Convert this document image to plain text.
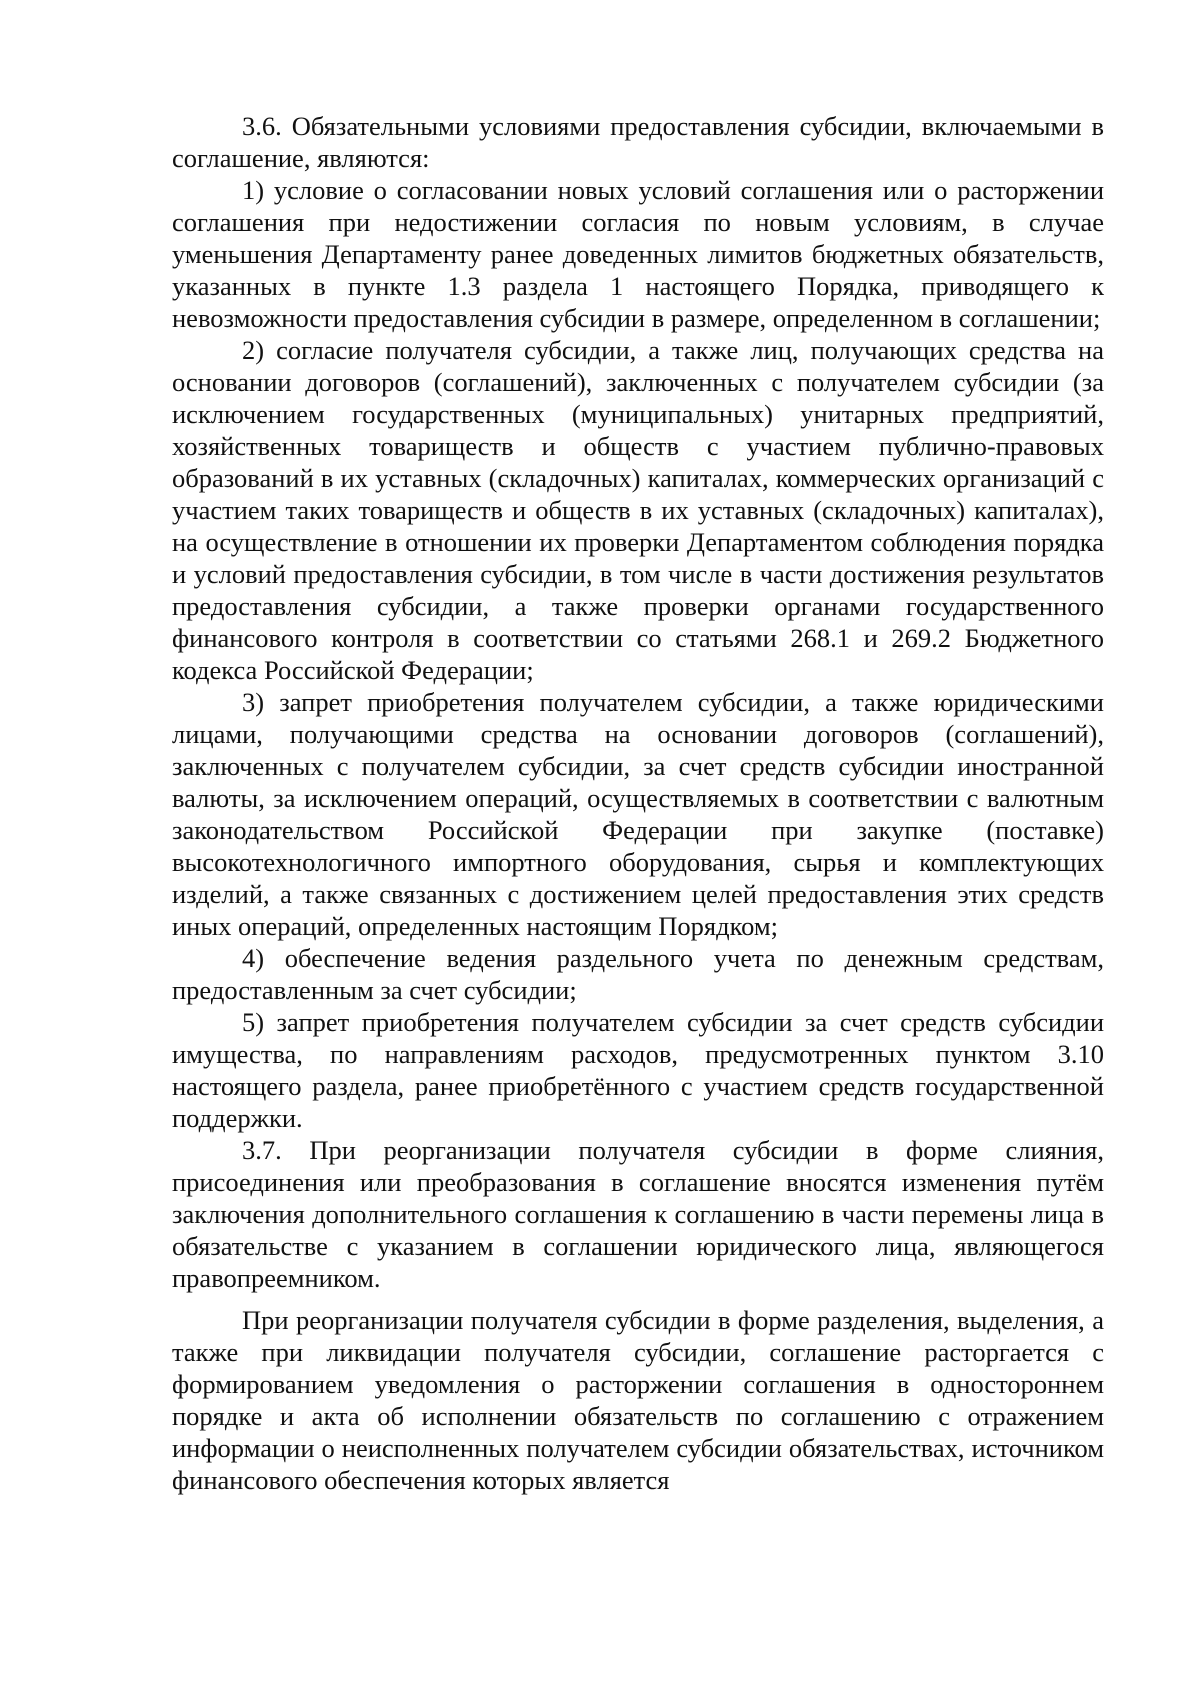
3.6. Обязательными условиями предоставления субсидии, включаемыми в соглашение, являются:

1) условие о согласовании новых условий соглашения или о расторжении соглашения при недостижении согласия по новым условиям, в случае уменьшения Департаменту ранее доведенных лимитов бюджетных обязательств, указанных в пункте 1.3 раздела 1 настоящего Порядка, приводящего к невозможности предоставления субсидии в размере, определенном в соглашении;

2) согласие получателя субсидии, а также лиц, получающих средства на основании договоров (соглашений), заключенных с получателем субсидии (за исключением государственных (муниципальных) унитарных предприятий, хозяйственных товариществ и обществ с участием публично-правовых образований в их уставных (складочных) капиталах, коммерческих организаций с участием таких товариществ и обществ в их уставных (складочных) капиталах), на осуществление в отношении их проверки Департаментом соблюдения порядка и условий предоставления субсидии, в том числе в части достижения результатов предоставления субсидии, а также проверки органами государственного финансового контроля в соответствии со статьями 268.1 и 269.2 Бюджетного кодекса Российской Федерации;

3) запрет приобретения получателем субсидии, а также юридическими лицами, получающими средства на основании договоров (соглашений), заключенных с получателем субсидии, за счет средств субсидии иностранной валюты, за исключением операций, осуществляемых в соответствии с валютным законодательством Российской Федерации при закупке (поставке) высокотехнологичного импортного оборудования, сырья и комплектующих изделий, а также связанных с достижением целей предоставления этих средств иных операций, определенных настоящим Порядком;

4) обеспечение ведения раздельного учета по денежным средствам, предоставленным за счет субсидии;

5) запрет приобретения получателем субсидии за счет средств субсидии имущества, по направлениям расходов, предусмотренных пунктом 3.10 настоящего раздела, ранее приобретённого с участием средств государственной поддержки.

3.7. При реорганизации получателя субсидии в форме слияния, присоединения или преобразования в соглашение вносятся изменения путём заключения дополнительного соглашения к соглашению в части перемены лица в обязательстве с указанием в соглашении юридического лица, являющегося правопреемником.

При реорганизации получателя субсидии в форме разделения, выделения, а также при ликвидации получателя субсидии, соглашение расторгается с формированием уведомления о расторжении соглашения в одностороннем порядке и акта об исполнении обязательств по соглашению с отражением информации о неисполненных получателем субсидии обязательствах, источником финансового обеспечения которых является
